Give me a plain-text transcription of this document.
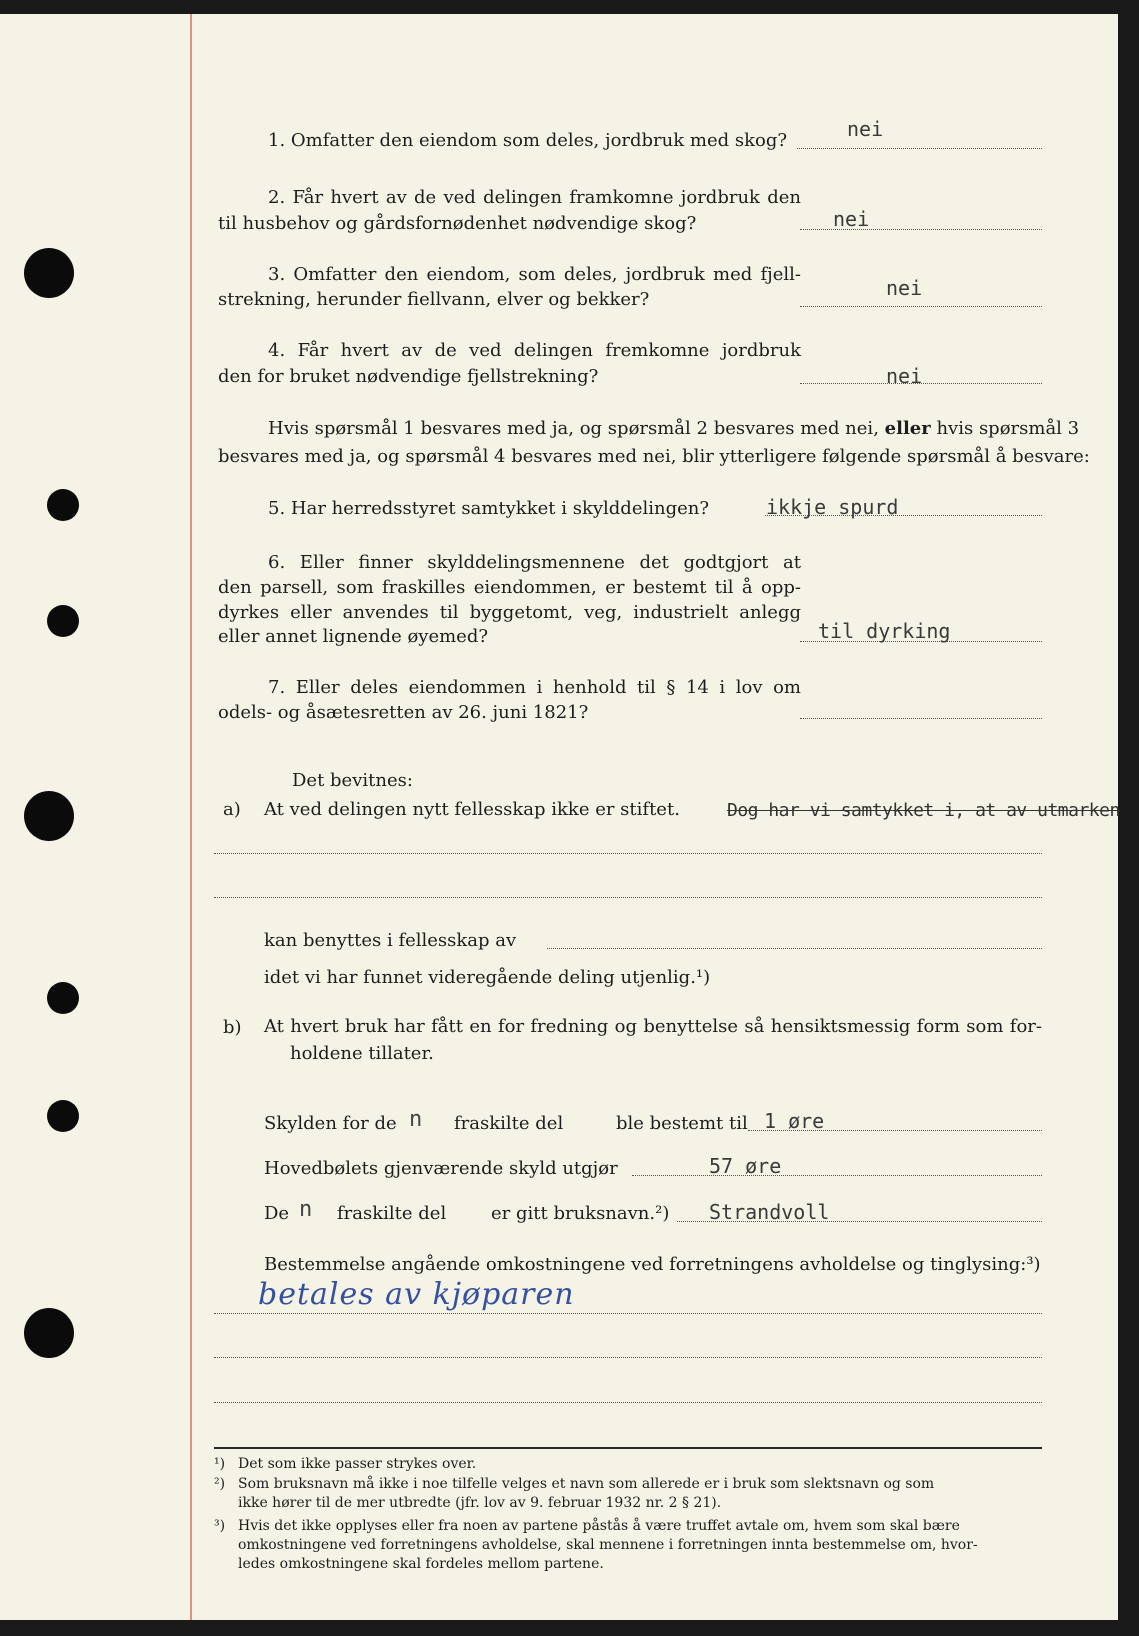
1. Omfatter den eiendom som deles, jordbruk med skog?	nei
2. Får hvert av de ved delingen framkomne jordbruk den
til husbehov og gårdsfornødenhet nødvendige skog?	nei
3. Omfatter den eiendom, som deles, jordbruk med fjell-
strekning, herunder fiellvann, elver og bekker?	nei
4. Får hvert av de ved delingen fremkomne jordbruk
den for bruket nødvendige fjellstrekning?	nei
Hvis spørsmål 1 besvares med ja, og spørsmål 2 besvares med nei, eller hvis spørsmål 3
besvares med ja, og spørsmål 4 besvares med nei, blir ytterligere følgende spørsmål å besvare:
5. Har herredsstyret samtykket i skylddelingen?	ikkje spurd
6. Eller finner skylddelingsmennene det godtgjort at
den parsell, som fraskilles eiendommen, er bestemt til å opp-
dyrkes eller anvendes til byggetomt, veg, industrielt anlegg
eller annet lignende øyemed?	til dyrking
7. Eller deles eiendommen i henhold til § 14 i lov om
odels- og åsætesretten av 26. juni 1821?
Det bevitnes:
a) At ved delingen nytt fellesskap ikke er stiftet.	Dog har vi samtykket i, at av utmarken
kan benyttes i fellesskap av
idet vi har funnet videregående deling utjenlig.¹)
b) At hvert bruk har fått en for fredning og benyttelse så hensiktsmessig form som for-
holdene tillater.
Skylden for de n fraskilte del	ble bestemt til 1 øre
Hovedbølets gjenværende skyld utgjør	57 øre
De n fraskilte del er gitt bruksnavn.²) Strandvoll
Bestemmelse angående omkostningene ved forretningens avholdelse og tinglysing:³)
betales av kjøparen
¹) Det som ikke passer strykes over.
²) Som bruksnavn må ikke i noe tilfelle velges et navn som allerede er i bruk som slektsnavn og som
ikke hører til de mer utbredte (jfr. lov av 9. februar 1932 nr. 2 § 21).
³) Hvis det ikke opplyses eller fra noen av partene påstås å være truffet avtale om, hvem som skal bære
omkostningene ved forretningens avholdelse, skal mennene i forretningen innta bestemmelse om, hvor-
ledes omkostningene skal fordeles mellom partene.
